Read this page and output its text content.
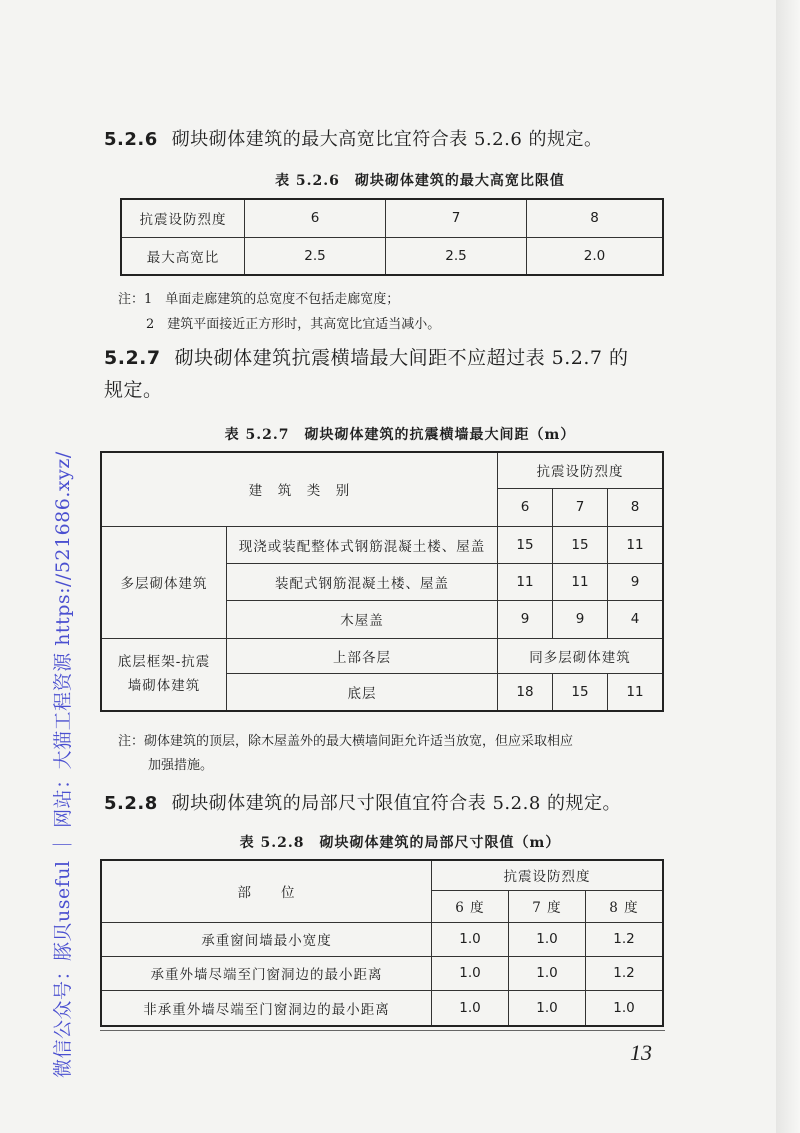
微信公众号：豚贝useful ｜ 网站：大猫工程资源 https://521686.xyz/
5.2.6 砌块砌体建筑的最大高宽比宜符合表 5.2.6 的规定。
表 5.2.6　砌块砌体建筑的最大高宽比限值
抗震设防烈度	6	7	8
最大高宽比	2.5	2.5	2.0
注：1　单面走廊建筑的总宽度不包括走廊宽度；
2　建筑平面接近正方形时，其高宽比宜适当减小。
5.2.7 砌块砌体建筑抗震横墙最大间距不应超过表 5.2.7 的
规定。
表 5.2.7　砌块砌体建筑的抗震横墙最大间距（m）
建　筑　类　别		抗震设防烈度		
		6	7	8
多层砌体建筑	现浇或装配整体式钢筋混凝土楼、屋盖	15	15	11
	装配式钢筋混凝土楼、屋盖	11	11	9
	木屋盖	9	9	4
底层框架-抗震墙砌体建筑	上部各层	同多层砌体建筑		
	底层	18	15	11
注：砌体建筑的顶层，除木屋盖外的最大横墙间距允许适当放宽，但应采取相应
加强措施。
5.2.8 砌块砌体建筑的局部尺寸限值宜符合表 5.2.8 的规定。
表 5.2.8　砌块砌体建筑的局部尺寸限值（m）
部　　位	抗震设防烈度		
	6 度	7 度	8 度
承重窗间墙最小宽度	1.0	1.0	1.2
承重外墙尽端至门窗洞边的最小距离	1.0	1.0	1.2
非承重外墙尽端至门窗洞边的最小距离	1.0	1.0	1.0
13
